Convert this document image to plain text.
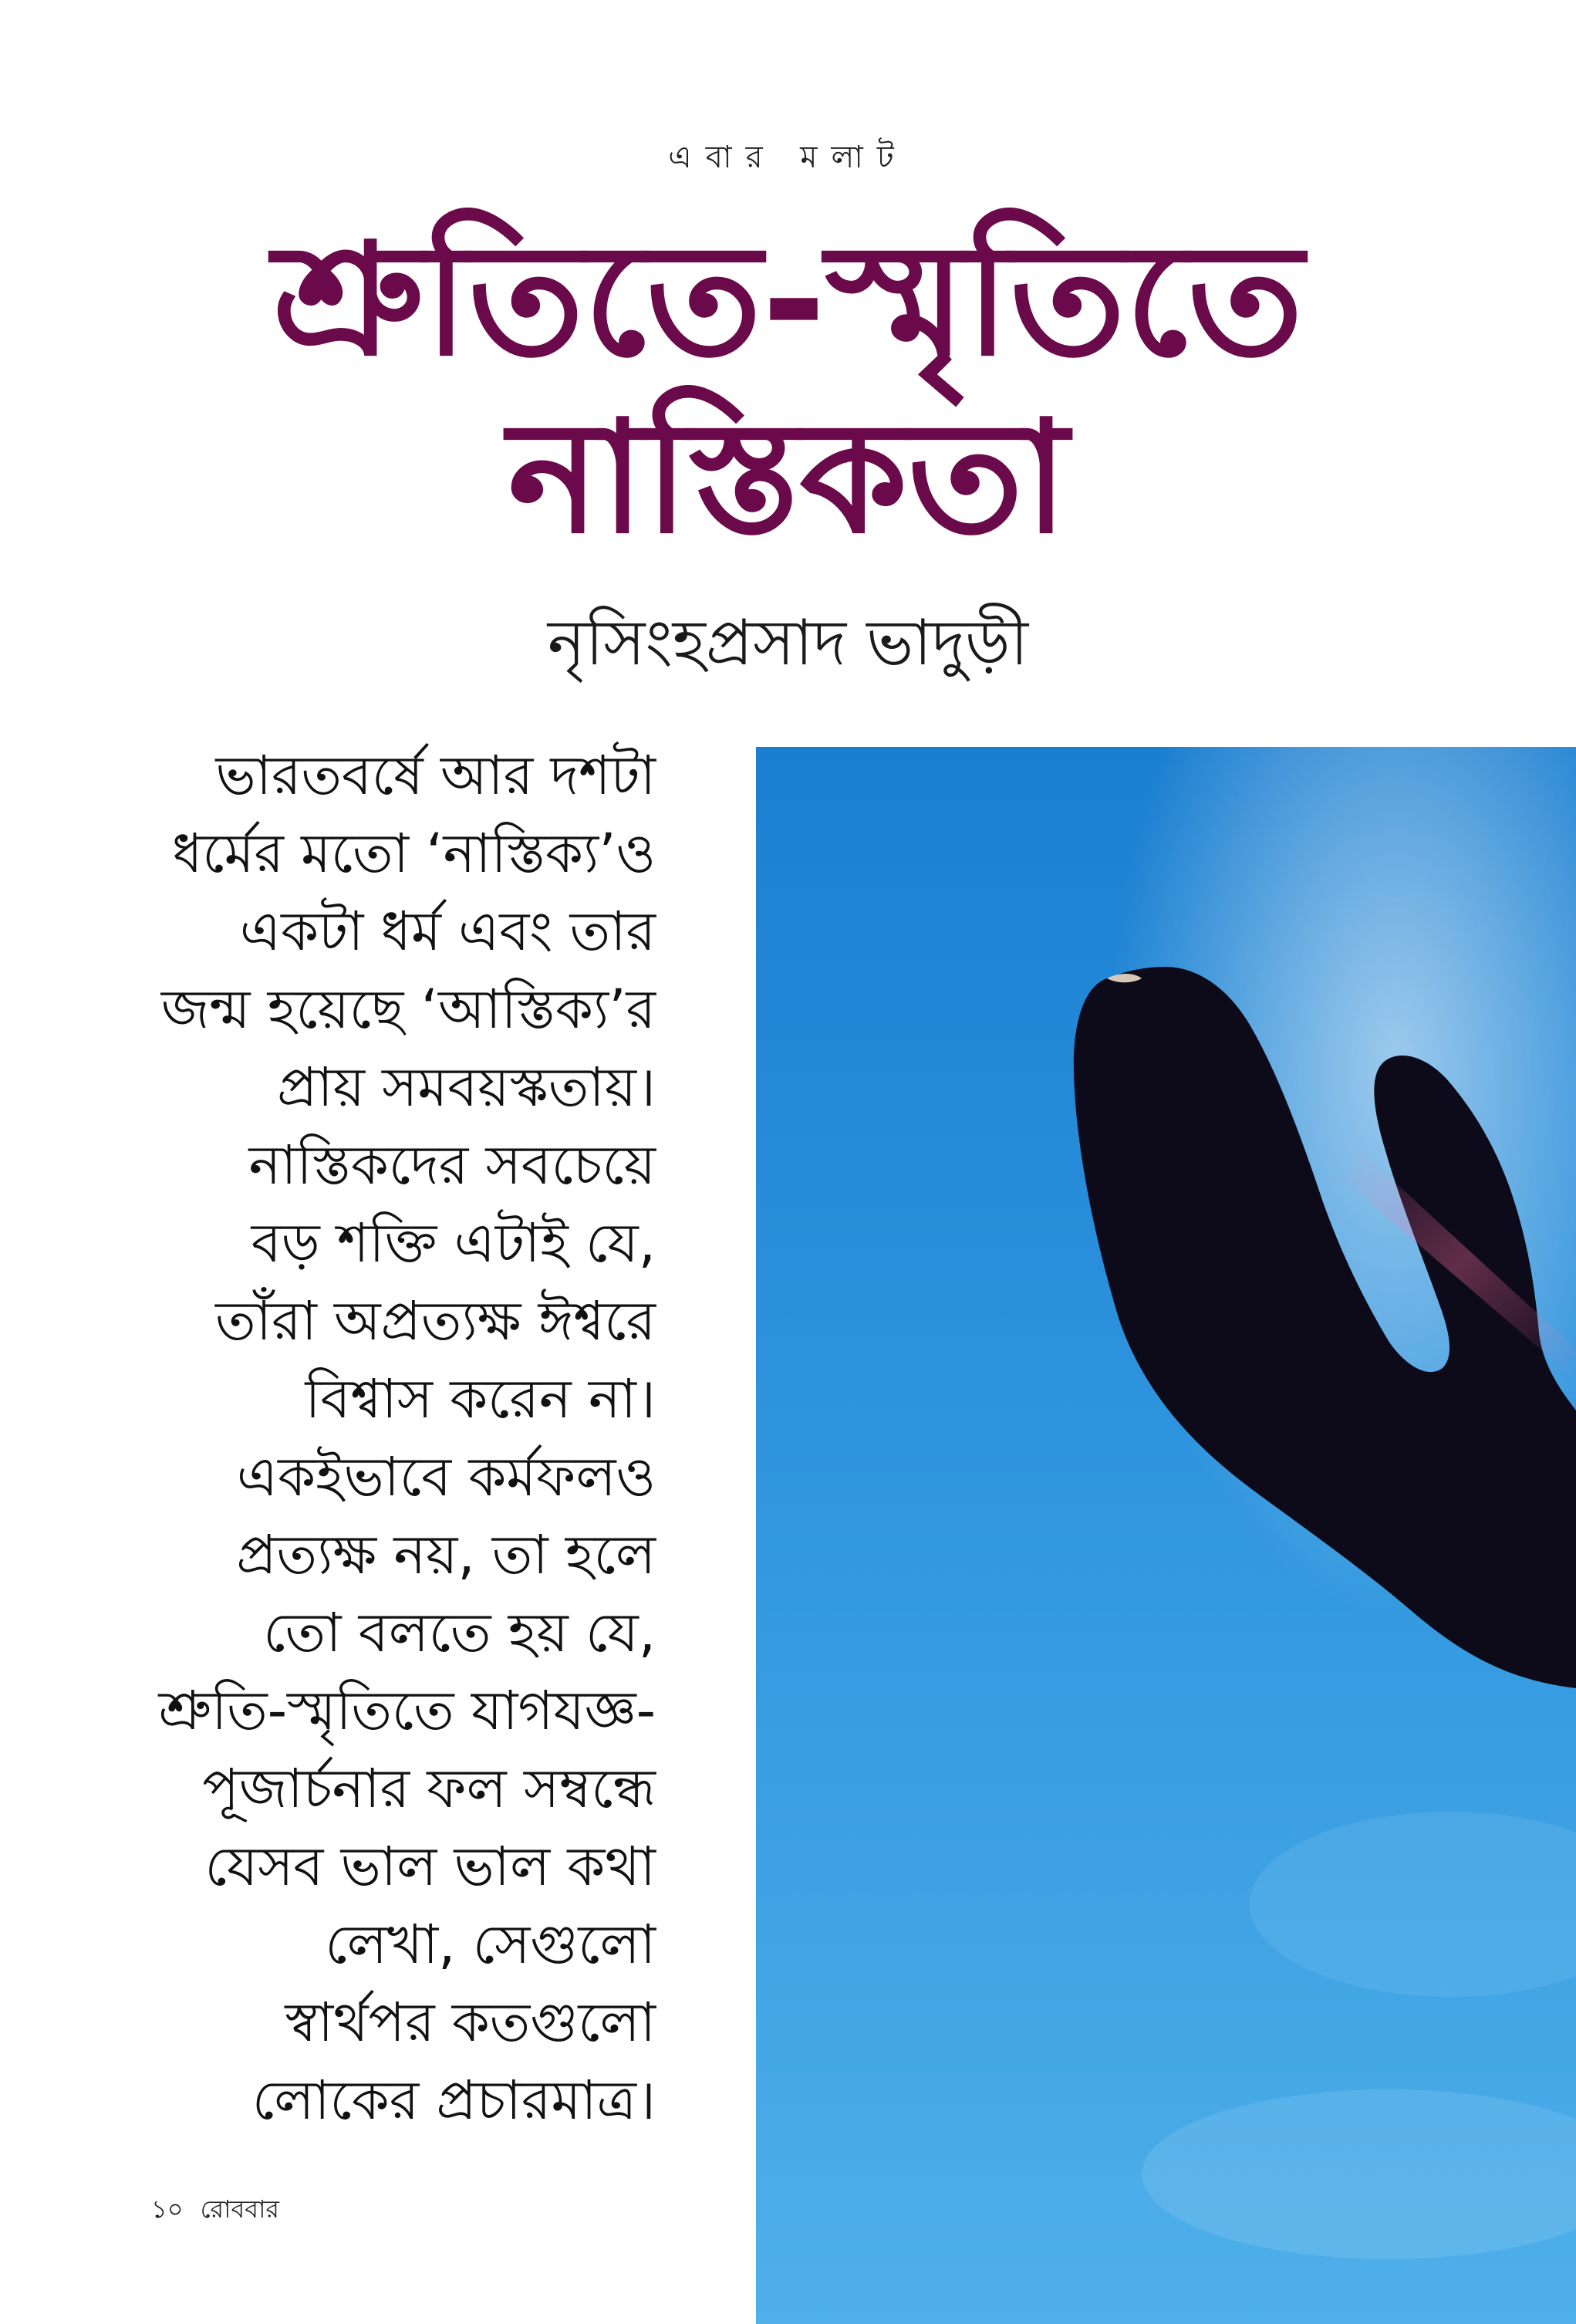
এবার মলাট
শ্রুতিতে-স্মৃতিতে
নাস্তিকতা
নৃসিংহপ্রসাদ ভাদুড়ী
ভারতবর্ষে আর দশটা
ধর্মের মতো ‘নাস্তিক্য’ও
একটা ধর্ম এবং তার
জন্ম হয়েছে ‘আস্তিক্য’র
প্রায় সমবয়স্কতায়।
নাস্তিকদের সবচেয়ে
বড় শক্তি এটাই যে,
তাঁরা অপ্রত্যক্ষ ঈশ্বরে
বিশ্বাস করেন না।
একইভাবে কর্মফলও
প্রত্যক্ষ নয়, তা হলে
তো বলতে হয় যে,
শ্রুতি-স্মৃতিতে যাগযজ্ঞ-
পূজার্চনার ফল সম্বন্ধে
যেসব ভাল ভাল কথা
লেখা, সেগুলো
স্বার্থপর কতগুলো
লোকের প্রচারমাত্র।
১০ রোববার
